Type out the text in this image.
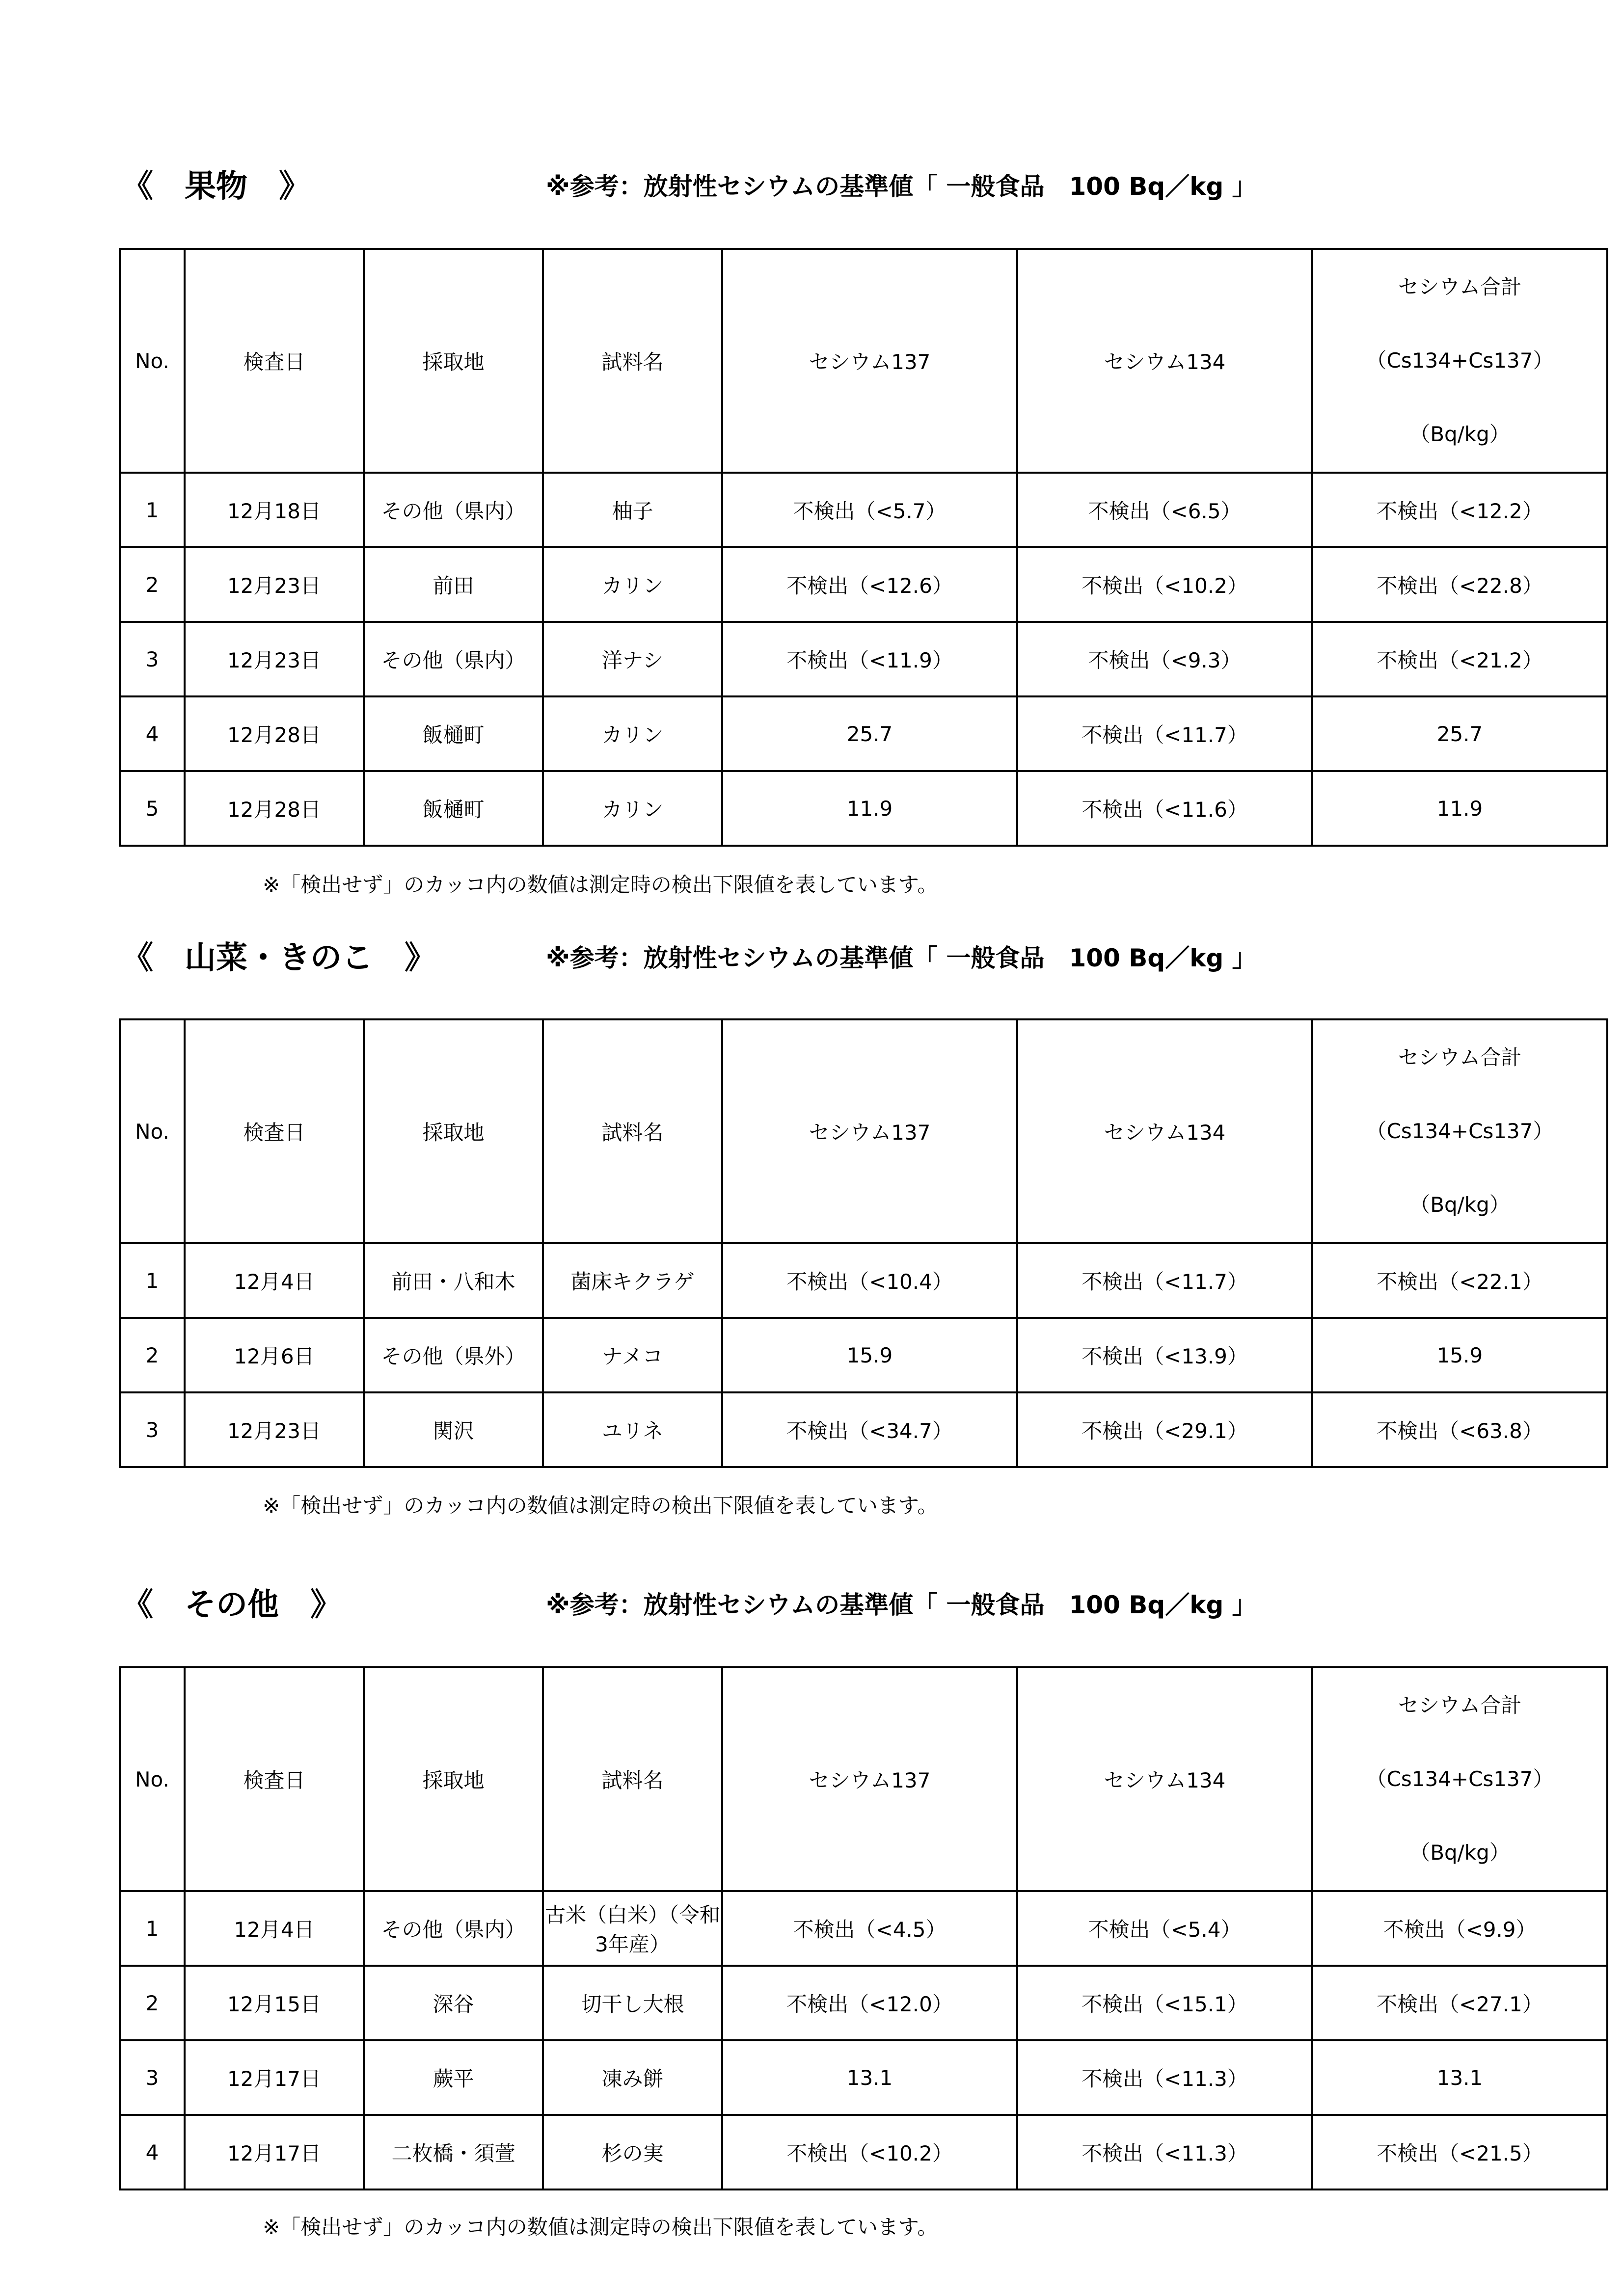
《　果物　》	※参考：放射性セシウムの基準値「 一般食品　100 Bq／kg 」
No.	検査日	採取地	試料名	セシウム137	セシウム134	セシウム合計
（Cs134+Cs137）
（Bq/kg）

1	12月18日	その他（県内）	柚子	不検出（<5.7）	不検出（<6.5）	不検出（<12.2）
2	12月23日	前田	カリン	不検出（<12.6）	不検出（<10.2）	不検出（<22.8）
3	12月23日	その他（県内）	洋ナシ	不検出（<11.9）	不検出（<9.3）	不検出（<21.2）
4	12月28日	飯樋町	カリン	25.7	不検出（<11.7）	25.7
5	12月28日	飯樋町	カリン	11.9	不検出（<11.6）	11.9
※「検出せず」のカッコ内の数値は測定時の検出下限値を表しています。
《　山菜・きのこ　》	※参考：放射性セシウムの基準値「 一般食品　100 Bq／kg 」
No.	検査日	採取地	試料名	セシウム137	セシウム134	セシウム合計
（Cs134+Cs137）
（Bq/kg）

1	12月4日	前田・八和木	菌床キクラゲ	不検出（<10.4）	不検出（<11.7）	不検出（<22.1）
2	12月6日	その他（県外）	ナメコ	15.9	不検出（<13.9）	15.9
3	12月23日	関沢	ユリネ	不検出（<34.7）	不検出（<29.1）	不検出（<63.8）
※「検出せず」のカッコ内の数値は測定時の検出下限値を表しています。
《　その他　》	※参考：放射性セシウムの基準値「 一般食品　100 Bq／kg 」
No.	検査日	採取地	試料名	セシウム137	セシウム134	セシウム合計
（Cs134+Cs137）
（Bq/kg）

1	12月4日	その他（県内）	古米（白米）（令和3年産）	不検出（<4.5）	不検出（<5.4）	不検出（<9.9）
2	12月15日	深谷	切干し大根	不検出（<12.0）	不検出（<15.1）	不検出（<27.1）
3	12月17日	蕨平	凍み餅	13.1	不検出（<11.3）	13.1
4	12月17日	二枚橋・須萱	杉の実	不検出（<10.2）	不検出（<11.3）	不検出（<21.5）
※「検出せず」のカッコ内の数値は測定時の検出下限値を表しています。
